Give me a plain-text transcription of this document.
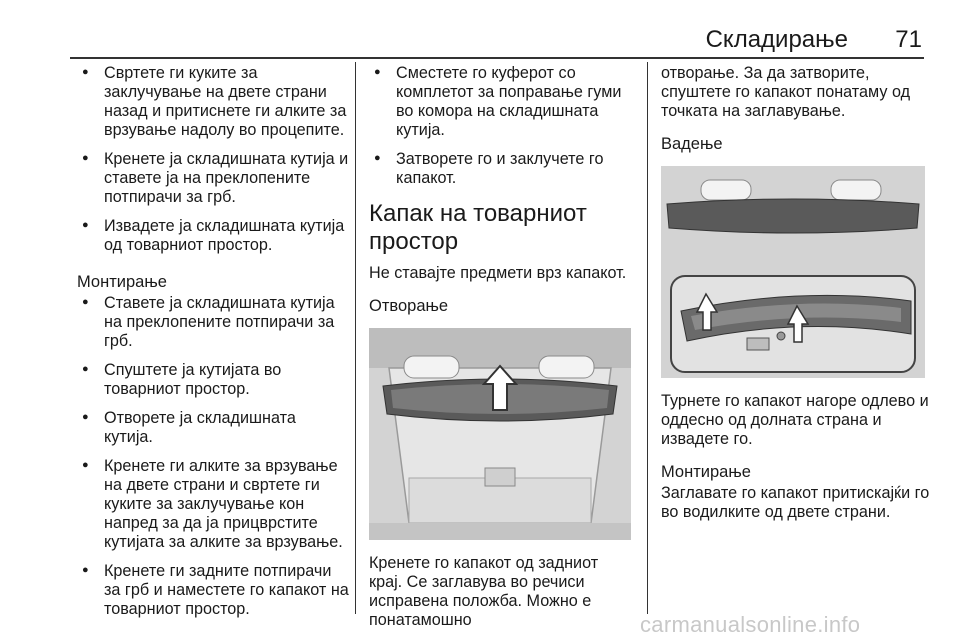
Складирање 71
● Свртете ги куките за заклучување на двете страни назад и притиснете ги алките за врзување надолу во процепите.
● Кренете ја складишната кутија и ставете ја на преклопените потпирачи за грб.
● Извадете ја складишната кутија од товарниот простор.
Монтирање
● Ставете ја складишната кутија на преклопените потпирачи за грб.
● Спуштете ја кутијата во товарниот простор.
● Отворете ја складишната кутија.
● Кренете ги алките за врзување на двете страни и свртете ги куките за заклучување кон напред за да ја прицврстите кутијата за алките за врзување.
● Кренете ги задните потпирачи за грб и наместете го капакот на товарниот простор.
● Сместете го куферот со комплетот за поправање гуми во комора на складишната кутија.
● Затворете го и заклучете го капакот.
Капак на товарниот простор
Не ставајте предмети врз капакот.
Отворање
Кренете го капакот од задниот крај. Се заглавува во речиси исправена положба. Можно е понатамошно
отворање. За да затворите, спуштете го капакот понатаму од точката на заглавување.
Вадење
Турнете го капакот нагоре одлево и оддесно од долната страна и извадете го.
Монтирање
Заглавате го капакот притискајќи го во водилките од двете страни.
carmanualsonline.info
